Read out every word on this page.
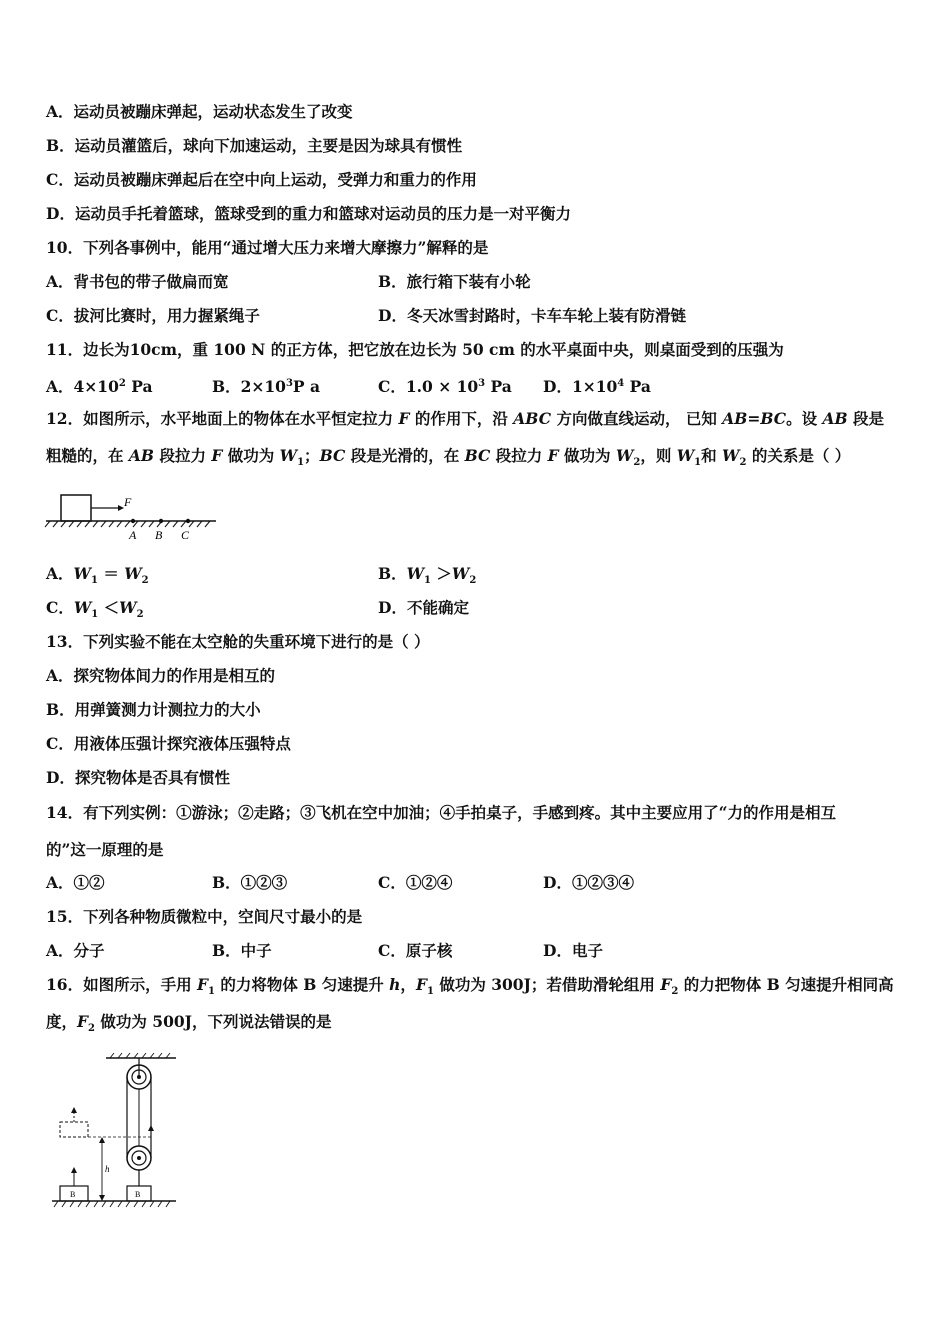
A．运动员被蹦床弹起，运动状态发生了改变
B．运动员灌篮后，球向下加速运动，主要是因为球具有惯性
C．运动员被蹦床弹起后在空中向上运动，受弹力和重力的作用
D．运动员手托着篮球，篮球受到的重力和篮球对运动员的压力是一对平衡力
10．下列各事例中，能用“通过增大压力来增大摩擦力”解释的是
A．背书包的带子做扁而宽	B．旅行箱下装有小轮
C．拔河比赛时，用力握紧绳子	D．冬天冰雪封路时，卡车车轮上装有防滑链
11．边长为10cm，重 100 N 的正方体，把它放在边长为 50 cm 的水平桌面中央，则桌面受到的压强为
A．$4\times 10^2$ Pa	B．$2\times 10^3P$ a	C．$1.0 \times 10^3$ Pa D．$1\times 10^4$ Pa
12．如图所示，水平地面上的物体在水平恒定拉力 F 的作用下，沿 ABC 方向做直线运动， 已知 AB=BC。设 AB 段是
粗糙的，在 AB 段拉力 F 做功为 $W_1$；BC 段是光滑的，在 BC 段拉力 F 做功为 $W_2$，则 $W_1$和 $W_2$ 的关系是（ ）
F
A B C
A．$W_1 = W_2$	B．$W_1 >W_2$
C．$W_1 <W_2$	D．不能确定
13．下列实验不能在太空舱的失重环境下进行的是（ ）
A．探究物体间力的作用是相互的
B．用弹簧测力计测拉力的大小
C．用液体压强计探究液体压强特点
D．探究物体是否具有惯性
14．有下列实例：①游泳；②走路；③飞机在空中加油；④手拍桌子，手感到疼。其中主要应用了“力的作用是相互
的”这一原理的是
A．①②	B．①②③	C．①②④	D．①②③④
15．下列各种物质微粒中，空间尺寸最小的是
A．分子	B．中子	C．原子核	D．电子
16．如图所示，手用 $F_1$ 的力将物体 B 匀速提升 h，$F_1$ 做功为 300J；若借助滑轮组用 $F_2$ 的力把物体 B 匀速提升相同高
度，$F_2$ 做功为 500J，下列说法错误的是
h
B	B
